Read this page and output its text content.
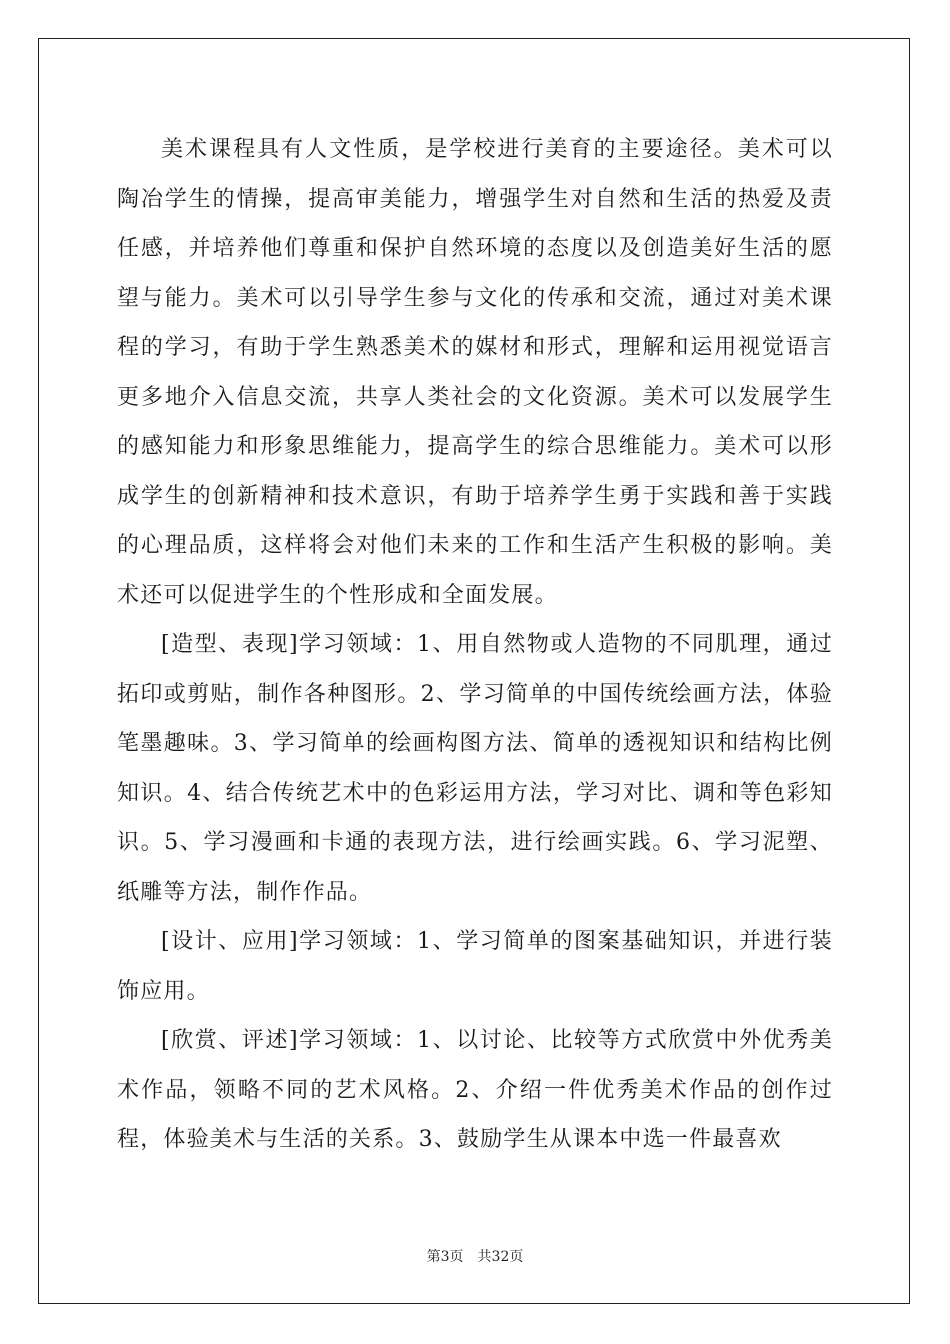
美术课程具有人文性质，是学校进行美育的主要途径。美术可以陶冶学生的情操，提高审美能力，增强学生对自然和生活的热爱及责任感，并培养他们尊重和保护自然环境的态度以及创造美好生活的愿望与能力。美术可以引导学生参与文化的传承和交流，通过对美术课程的学习，有助于学生熟悉美术的媒材和形式，理解和运用视觉语言更多地介入信息交流，共享人类社会的文化资源。美术可以发展学生的感知能力和形象思维能力，提高学生的综合思维能力。美术可以形成学生的创新精神和技术意识，有助于培养学生勇于实践和善于实践的心理品质，这样将会对他们未来的工作和生活产生积极的影响。美术还可以促进学生的个性形成和全面发展。

[造型、表现]学习领域：1、用自然物或人造物的不同肌理，通过拓印或剪贴，制作各种图形。2、学习简单的中国传统绘画方法，体验笔墨趣味。3、学习简单的绘画构图方法、简单的透视知识和结构比例知识。4、结合传统艺术中的色彩运用方法，学习对比、调和等色彩知识。5、学习漫画和卡通的表现方法，进行绘画实践。6、学习泥塑、纸雕等方法，制作作品。

[设计、应用]学习领域：1、学习简单的图案基础知识，并进行装饰应用。

[欣赏、评述]学习领域：1、以讨论、比较等方式欣赏中外优秀美术作品，领略不同的艺术风格。2、介绍一件优秀美术作品的创作过程，体验美术与生活的关系。3、鼓励学生从课本中选一件最喜欢

第3页 共32页
